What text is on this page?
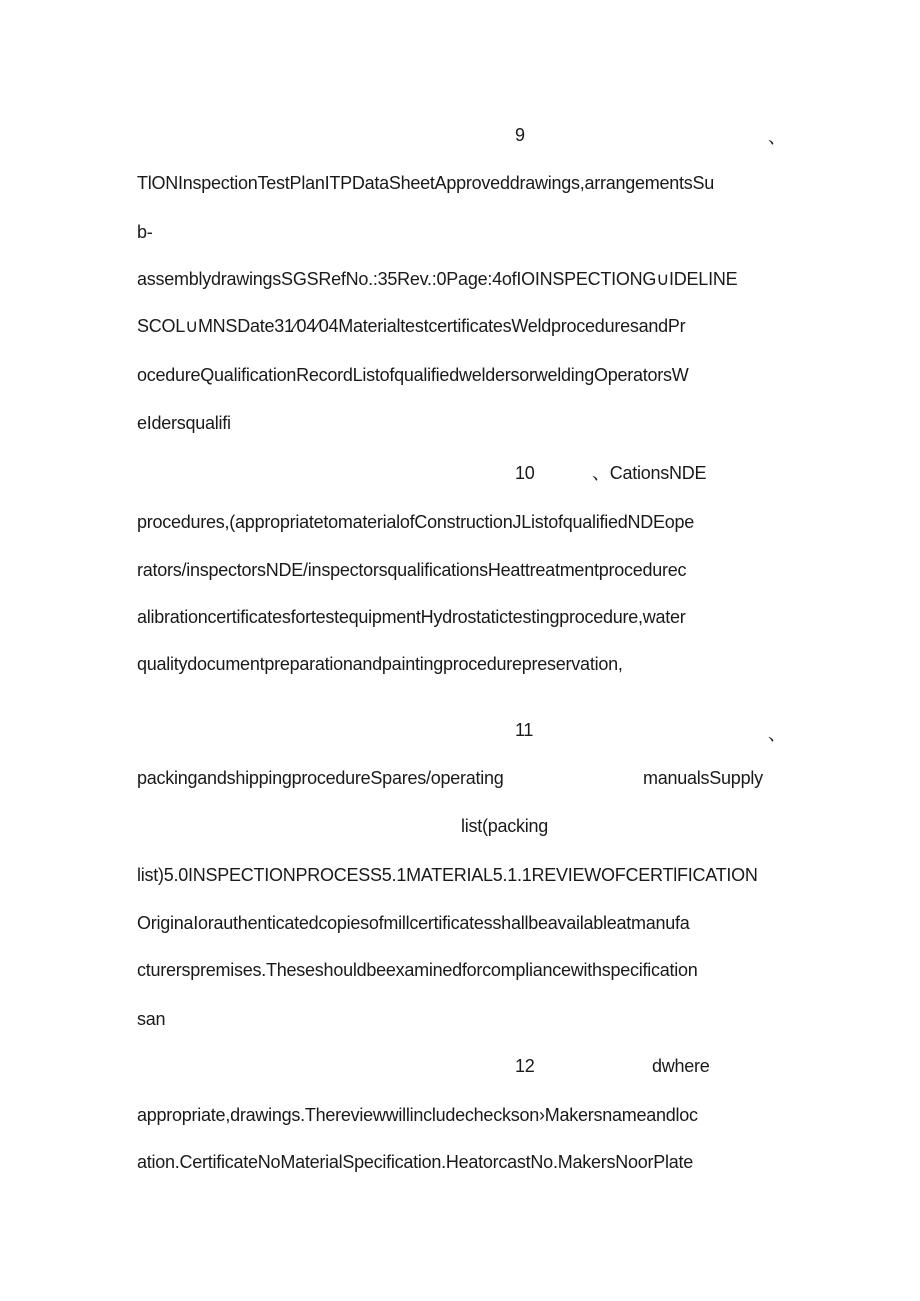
9	、
TlONInspectionTestPlanITPDataSheetApproveddrawings,arrangementsSu
b-
assemblydrawingsSGSRefNo.:35Rev.:0Page:4ofIOINSPECTIONG∪IDELINE
SCOL∪MNSDate31∕04∕04MaterialtestcertificatesWeldproceduresandPr
ocedureQualificationRecordListofqualifiedweldersorweldingOperatorsW
eIdersqualifi
10	、CationsNDE
procedures,(appropriatetomaterialofConstructionJListofqualifiedNDEope
rators/inspectorsNDE/inspectorsqualificationsHeattreatmentprocedurec
alibrationcertificatesfortestequipmentHydrostatictestingprocedure,water
qualitydocumentpreparationandpaintingprocedurepreservation,
11	、
packingandshippingprocedureSpares/operating	manualsSupply
list(packing
list)5.0INSPECTIONPROCESS5.1MATERIAL5.1.1REVIEWOFCERTlFICATION
OriginaIorauthenticatedcopiesofmillcertificatesshallbeavailableatmanufa
cturerspremises.Theseshouldbeexaminedforcompliancewithspecification
san
12	dwhere
appropriate,drawings.Thereviewwillincludecheckson›Makersnameandloc
ation.CertificateNoMaterialSpecification.HeatorcastNo.MakersNoorPlate
